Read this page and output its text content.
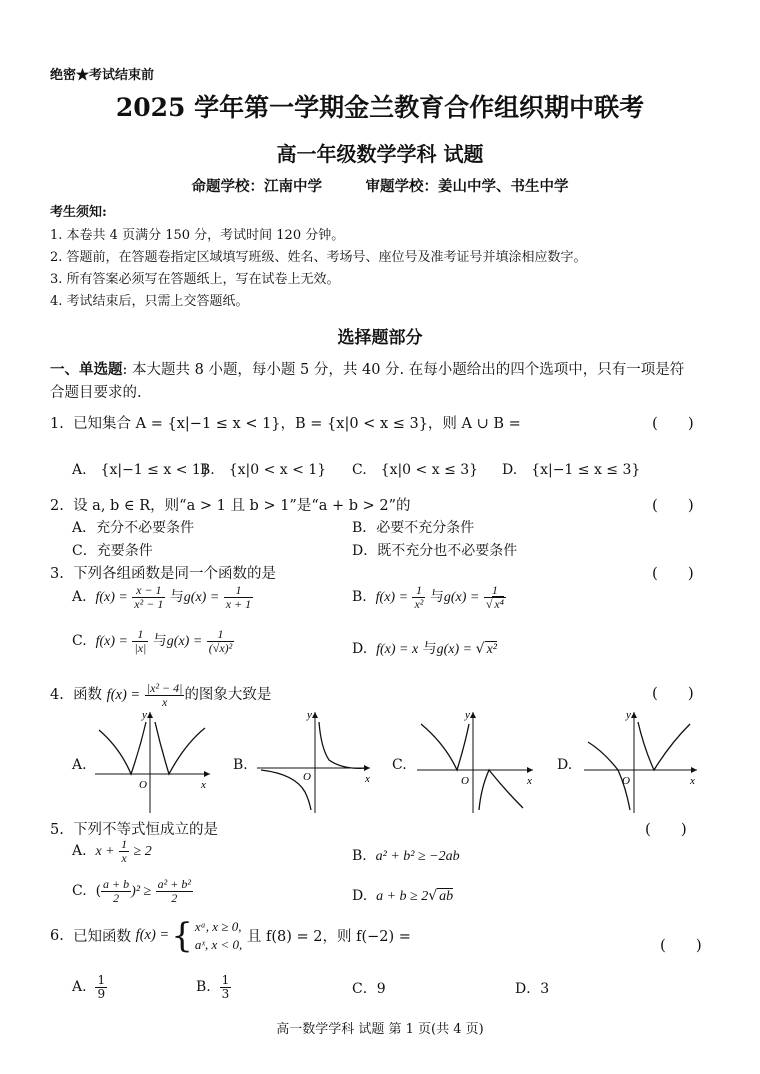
绝密★考试结束前
2025 学年第一学期金兰教育合作组织期中联考
高一年级数学学科 试题
命题学校：江南中学　　　审题学校：姜山中学、书生中学
考生须知:
1. 本卷共 4 页满分 150 分，考试时间 120 分钟。
2. 答题前，在答题卷指定区域填写班级、姓名、考场号、座位号及准考证号并填涂相应数字。
3. 所有答案必须写在答题纸上，写在试卷上无效。
4. 考试结束后，只需上交答题纸。
选择题部分
一、单选题: 本大题共 8 小题，每小题 5 分，共 40 分. 在每小题给出的四个选项中，只有一项是符
合题目要求的.
1. 已知集合 A = {x|−1 ≤ x < 1}，B = {x|0 < x ≤ 3}，则 A ∪ B =	(　　)
A.　{x|−1 ≤ x < 1}
B.　{x|0 < x < 1} C.　{x|0 < x ≤ 3} D.　{x|−1 ≤ x ≤ 3}
2. 设 a, b ∈ R，则“a > 1 且 b > 1”是“a + b > 2”的	(　　)
A．充分不必要条件	B．必要不充分条件
C．充要条件	D．既不充分也不必要条件
3. 下列各组函数是同一个函数的是	(　　)
A. $f(x) = \frac{x - 1}{\text{x² − 1}}$ 与$g(x) = \frac{1}{x + 1}$	B. $f(x) = \frac{1}{\text{x²}}$ 与$g(x) = \frac{1}{\text{√ x⁴}}$
C. $f(x) = \frac{1}{|x|}$ 与$g(x) = \frac{1}{\text{(√x)²}}$	D. f(x) = x 与g(x) = √ x²
4. 函数 $f(x) = \frac{\text{|x² − 4|}}{x}$ 的图象大致是	(　　)
A.	B.	C.	D.
y
x
O
y
x
O
y
x
O
y
x
O
5. 下列不等式恒成立的是	(　　)
A. $x + \frac{1}{x} \ge 2$	B. a² + b² ≥ −2ab
C. ( $\frac{a + b}{2} )^2 \ge \frac{\text{a² + b²}}{2}$	D. a + b ≥ 2√ ab
6.
已知函数
f(x) = { xᵃ, x ≥ 0,
aˣ, x < 0,
且 f(8) = 2，则 f(−2) =	(　　)
A. $\frac{1}{9}$	B. $\frac{1}{3}$	C．9	D．3
高一数学学科 试题 第 1 页(共 4 页)
